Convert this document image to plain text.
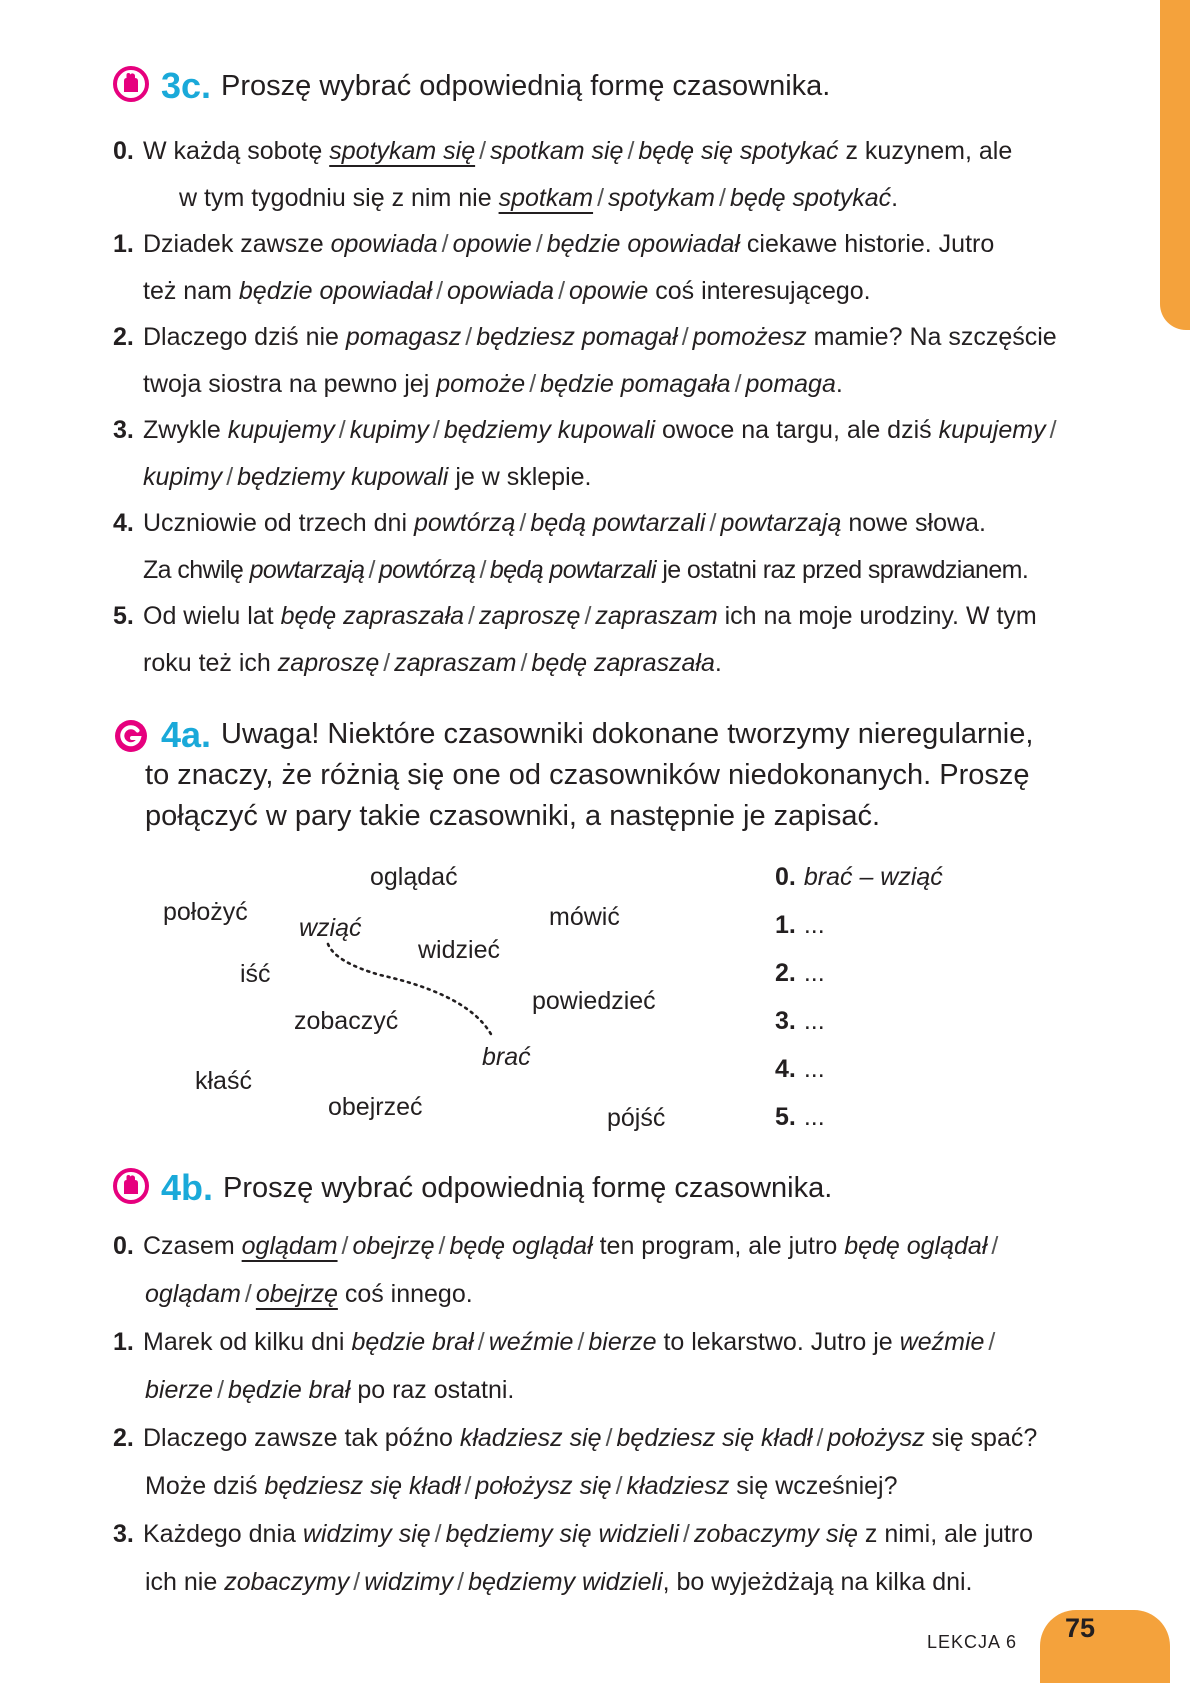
3c. Proszę wybrać odpowiednią formę czasownika.
0. W każdą sobotę spotykam się / spotkam się / będę się spotykać z kuzynem, ale
w tym tygodniu się z nim nie spotkam / spotykam / będę spotykać.
1. Dziadek zawsze opowiada / opowie / będzie opowiadał ciekawe historie. Jutro
też nam będzie opowiadał / opowiada / opowie coś interesującego.
2. Dlaczego dziś nie pomagasz / będziesz pomagał / pomożesz mamie? Na szczęście
twoja siostra na pewno jej pomoże / będzie pomagała / pomaga.
3. Zwykle kupujemy / kupimy / będziemy kupowali owoce na targu, ale dziś kupujemy /
kupimy / będziemy kupowali je w sklepie.
4. Uczniowie od trzech dni powtórzą / będą powtarzali / powtarzają nowe słowa.
Za chwilę powtarzają / powtórzą / będą powtarzali je ostatni raz przed sprawdzianem.
5. Od wielu lat będę zapraszała / zaproszę / zapraszam ich na moje urodziny. W tym
roku też ich zaproszę / zapraszam / będę zapraszała.
4a. Uwaga! Niektóre czasowniki dokonane tworzymy nieregularnie,
to znaczy, że różnią się one od czasowników niedokonanych. Proszę
połączyć w pary takie czasowniki, a następnie je zapisać.
oglądać
położyć
wziąć	mówić
widzieć
iść
powiedzieć
zobaczyć
brać
kłaść
obejrzeć	pójść
0. brać – wziąć
1. ...
2. ...
3. ...
4. ...
5. ...
4b. Proszę wybrać odpowiednią formę czasownika.
0. Czasem oglądam / obejrzę / będę oglądał ten program, ale jutro będę oglądał /
oglądam / obejrzę coś innego.
1. Marek od kilku dni będzie brał / weźmie / bierze to lekarstwo. Jutro je weźmie /
bierze / będzie brał po raz ostatni.
2. Dlaczego zawsze tak późno kładziesz się / będziesz się kładł / położysz się spać?
Może dziś będziesz się kładł / położysz się / kładziesz się wcześniej?
3. Każdego dnia widzimy się / będziemy się widzieli / zobaczymy się z nimi, ale jutro
ich nie zobaczymy / widzimy / będziemy widzieli, bo wyjeżdżają na kilka dni.
LEKCJA 6 75
